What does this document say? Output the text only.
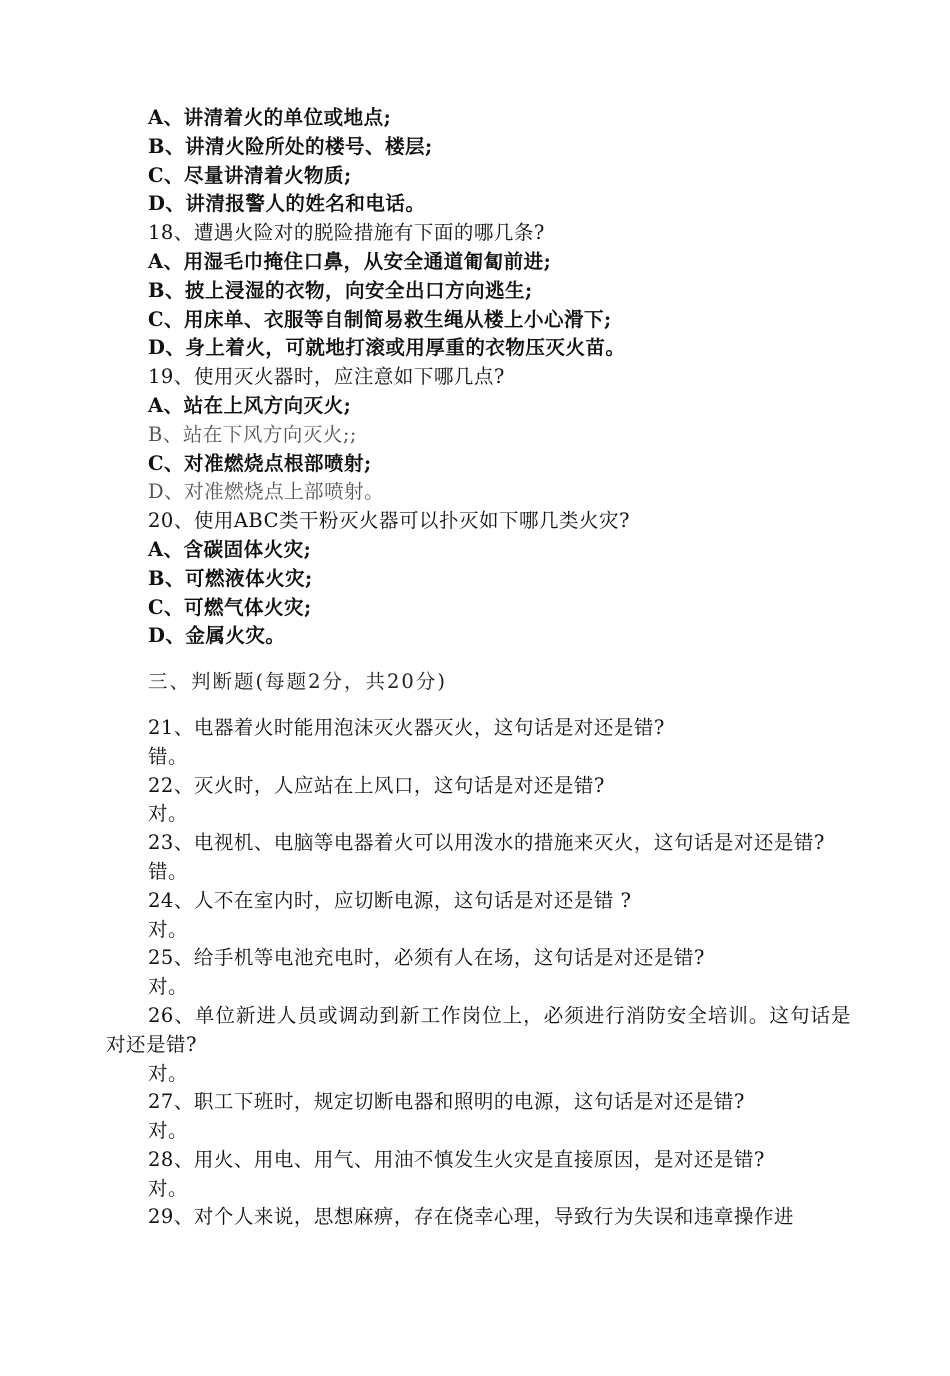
A、讲清着火的单位或地点;
B、讲清火险所处的楼号、楼层;
C、尽量讲清着火物质;
D、讲清报警人的姓名和电话。
18、遭遇火险对的脱险措施有下面的哪几条?
A、用湿毛巾掩住口鼻，从安全通道匍匐前进;
B、披上浸湿的衣物，向安全出口方向逃生;
C、用床单、衣服等自制简易救生绳从楼上小心滑下;
D、身上着火，可就地打滚或用厚重的衣物压灭火苗。
19、使用灭火器时，应注意如下哪几点?
A、站在上风方向灭火;
B、站在下风方向灭火;;
C、对准燃烧点根部喷射;
D、对准燃烧点上部喷射。
20、使用ABC类干粉灭火器可以扑灭如下哪几类火灾?
A、含碳固体火灾;
B、可燃液体火灾;
C、可燃气体火灾;
D、金属火灾。
三、判断题(每题2分，共20分)
21、电器着火时能用泡沫灭火器灭火，这句话是对还是错?
错。
22、灭火时，人应站在上风口，这句话是对还是错?
对。
23、电视机、电脑等电器着火可以用泼水的措施来灭火，这句话是对还是错?
错。
24、人不在室内时，应切断电源，这句话是对还是错 ?
对。
25、给手机等电池充电时，必须有人在场，这句话是对还是错?
对。
26、单位新进人员或调动到新工作岗位上，必须进行消防安全培训。这句话是对还是错?
对。
27、职工下班时，规定切断电器和照明的电源，这句话是对还是错?
对。
28、用火、用电、用气、用油不慎发生火灾是直接原因，是对还是错?
对。
29、对个人来说，思想麻痹，存在侥幸心理，导致行为失误和违章操作进
